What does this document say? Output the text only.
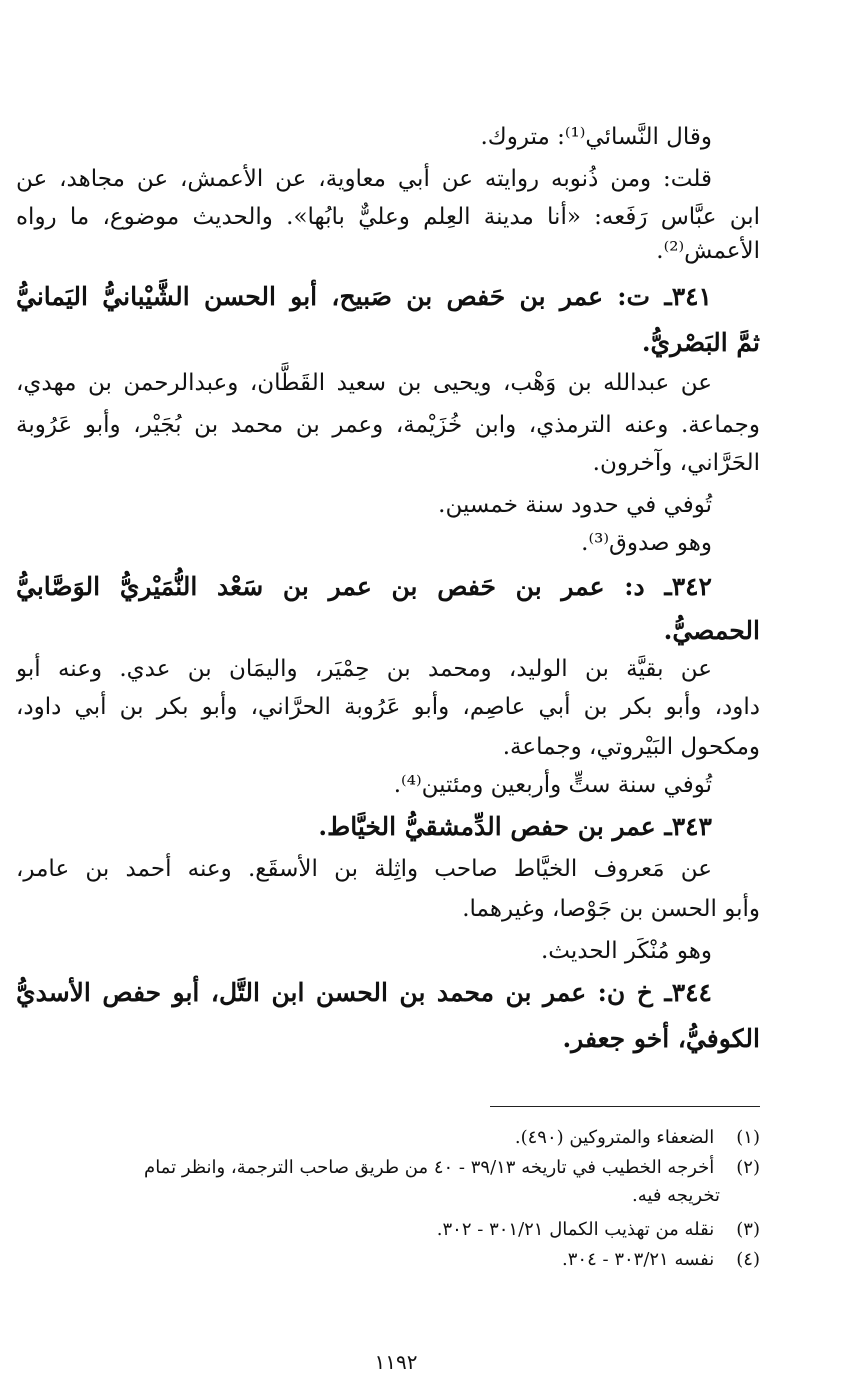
وقال النَّسائي⁽¹⁾: متروك.
قلت: ومن ذُنوبه روايته عن أبي معاوية، عن الأعمش، عن مجاهد، عن
ابن عبَّاس رَفَعه: «أنا مدينة العِلم وعليٌّ بابُها». والحديث موضوع، ما رواه
الأعمش⁽²⁾.
٣٤١ـ ت: عمر بن حَفص بن صَبيح، أبو الحسن الشَّيْبانيُّ اليَمانيُّ
ثمَّ البَصْريُّ.
عن عبدالله بن وَهْب، ويحيى بن سعيد القَطَّان، وعبدالرحمن بن مهدي،
وجماعة. وعنه الترمذي، وابن خُزَيْمة، وعمر بن محمد بن بُجَيْر، وأبو عَرُوبة
الحَرَّاني، وآخرون.
تُوفي في حدود سنة خمسين.
وهو صدوق⁽³⁾.
٣٤٢ـ د: عمر بن حَفص بن عمر بن سَعْد النُّمَيْريُّ الوَصَّابيُّ
الحمصيُّ.
عن بقيَّة بن الوليد، ومحمد بن حِمْيَر، واليمَان بن عدي. وعنه أبو
داود، وأبو بكر بن أبي عاصِم، وأبو عَرُوبة الحرَّاني، وأبو بكر بن أبي داود،
ومكحول البَيْروتي، وجماعة.
تُوفي سنة ستٍّ وأربعين ومئتين⁽⁴⁾.
٣٤٣ـ عمر بن حفص الدِّمشقيُّ الخيَّاط.
عن مَعروف الخيَّاط صاحب واثِلة بن الأسقَع. وعنه أحمد بن عامر،
وأبو الحسن بن جَوْصا، وغيرهما.
وهو مُنْكَر الحديث.
٣٤٤ـ خ ن: عمر بن محمد بن الحسن ابن التَّل، أبو حفص الأسديُّ
الكوفيُّ، أخو جعفر.
(١) الضعفاء والمتروكين (٤٩٠).
(٢) أخرجه الخطيب في تاريخه ٣٩/١٣ - ٤٠ من طريق صاحب الترجمة، وانظر تمام
تخريجه فيه.
(٣) نقله من تهذيب الكمال ٣٠١/٢١ - ٣٠٢.
(٤) نفسه ٣٠٣/٢١ - ٣٠٤.
١١٩٢
